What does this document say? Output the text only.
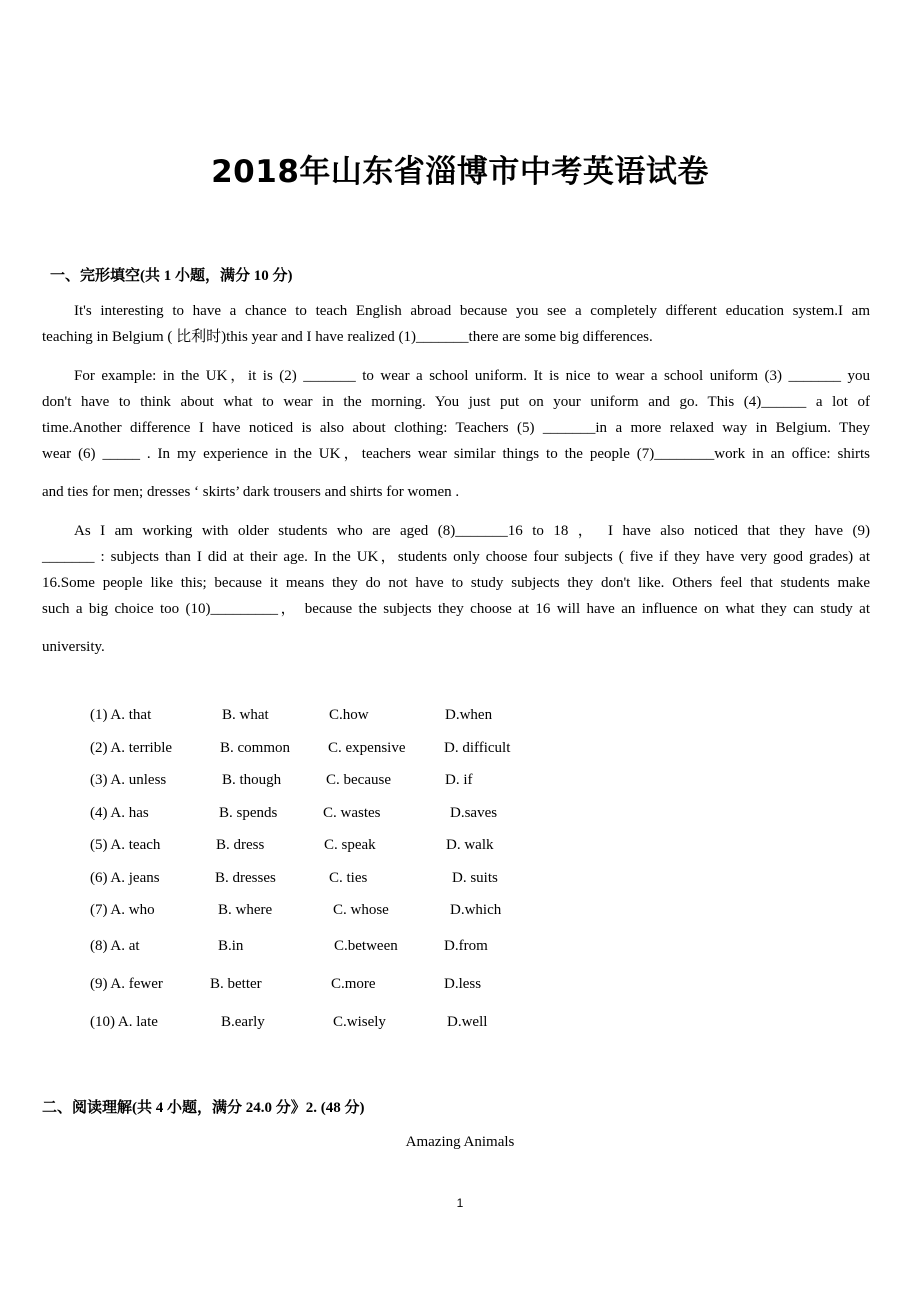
2018年山东省淄博市中考英语试卷
一、完形填空(共 1 小题，满分 10 分)
It's interesting to have a chance to teach English abroad because you see a completely different education system.I am
teaching in Belgium ( 比利时)this year and I have realized (1)_______there are some big differences.
For example: in the UK，it is (2) _______ to wear a school uniform. It is nice to wear a school uniform (3) _______ you
don't have to think about what to wear in the morning. You just put on your uniform and go. This (4)______ a lot of
time.Another difference I have noticed is also about clothing: Teachers (5) _______in a more relaxed way in Belgium. They
wear (6) _____ . In my experience in the UK，teachers wear similar things to the people (7)________work in an office: shirts
and ties for men; dresses ‘ skirts’ dark trousers and shirts for women .
As I am working with older students who are aged (8)_______16 to 18 ， I have also noticed that they have (9)
_______ : subjects than I did at their age. In the UK，students only choose four subjects ( five if they have very good grades) at
16.Some people like this; because it means they do not have to study subjects they don't like. Others feel that students make
such a big choice too (10)_________， because the subjects they choose at 16 will have an influence on what they can study at
university.
(1) A. that	B. what	C.how	D.when
(2) A. terrible	B. common	C. expensive	D. difficult
(3) A. unless	B. though	C. because	D. if
(4) A. has	B. spends	C. wastes	D.saves
(5) A. teach	B. dress	C. speak	D. walk
(6) A. jeans	B. dresses	C. ties	D. suits
(7) A. who	B. where	C. whose	D.which
(8) A. at	B.in	C.between	D.from
(9) A. fewer	B. better	C.more	D.less
(10) A. late	B.early	C.wisely	D.well
二、阅读理解(共 4 小题，满分 24.0 分》2. (48 分)
Amazing Animals
1
